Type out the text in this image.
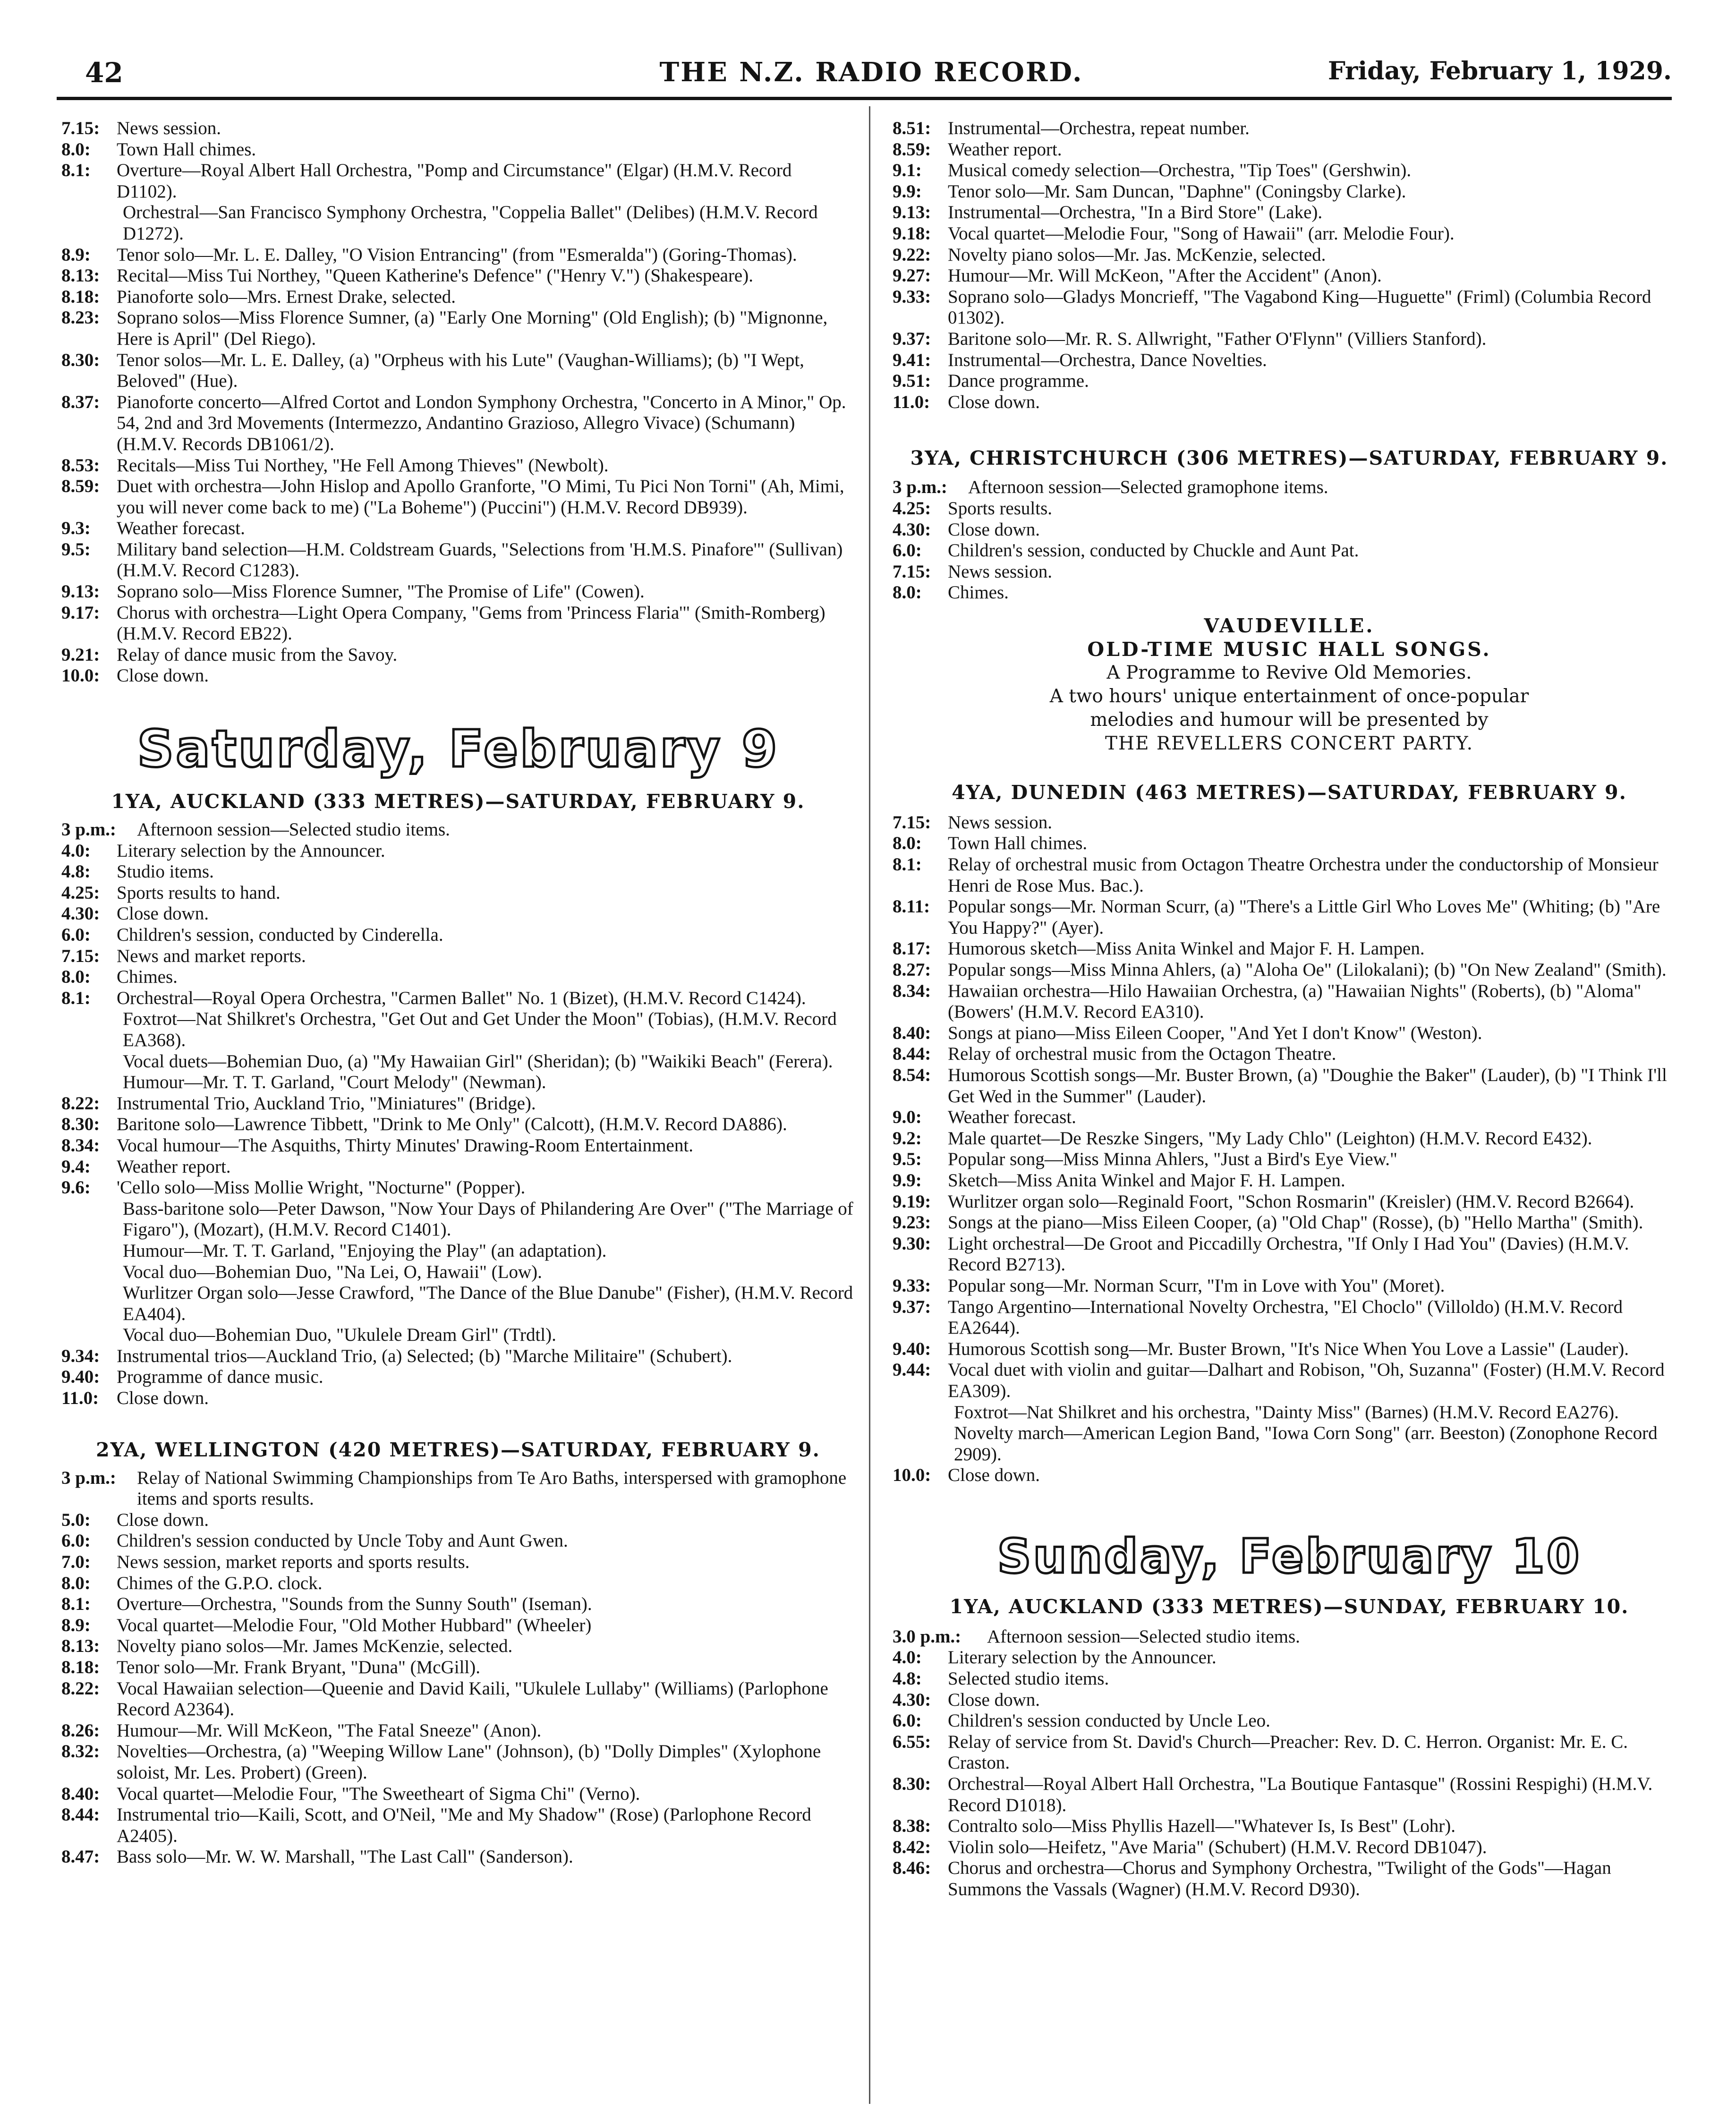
42	THE N.Z. RADIO RECORD.	Friday, February 1, 1929.
7.15: News session.
8.0:	Town Hall chimes.
8.1:	Overture—Royal Albert Hall Orchestra, "Pomp and Circumstance" (Elgar) (H.M.V. Record D1102).
Orchestral—San Francisco Symphony Orchestra, "Coppelia Ballet" (Delibes) (H.M.V. Record D1272).
8.9:	Tenor solo—Mr. L. E. Dalley, "O Vision Entrancing" (from "Esmeralda") (Goring-Thomas).
8.13: Recital—Miss Tui Northey, "Queen Katherine's Defence" ("Henry V.") (Shakespeare).
8.18: Pianoforte solo—Mrs. Ernest Drake, selected.
8.23: Soprano solos—Miss Florence Sumner, (a) "Early One Morning" (Old English); (b) "Mignonne, Here is April" (Del Riego).
8.30: Tenor solos—Mr. L. E. Dalley, (a) "Orpheus with his Lute" (Vaughan-Williams); (b) "I Wept, Beloved" (Hue).
8.37: Pianoforte concerto—Alfred Cortot and London Symphony Orchestra, "Concerto in A Minor," Op. 54, 2nd and 3rd Movements (Intermezzo, Andantino Grazioso, Allegro Vivace) (Schumann) (H.M.V. Records DB1061/2).
8.53: Recitals—Miss Tui Northey, "He Fell Among Thieves" (Newbolt).
8.59: Duet with orchestra—John Hislop and Apollo Granforte, "O Mimi, Tu Pici Non Torni" (Ah, Mimi, you will never come back to me) ("La Boheme") (Puccini") (H.M.V. Record DB939).
9.3:	Weather forecast.
9.5:	Military band selection—H.M. Coldstream Guards, "Selections from 'H.M.S. Pinafore'" (Sullivan) (H.M.V. Record C1283).
9.13: Soprano solo—Miss Florence Sumner, "The Promise of Life" (Cowen).
9.17: Chorus with orchestra—Light Opera Company, "Gems from 'Princess Flaria'" (Smith-Romberg) (H.M.V. Record EB22).
9.21: Relay of dance music from the Savoy.
10.0: Close down.
Saturday, February 9
1YA, AUCKLAND (333 METRES)—SATURDAY, FEBRUARY 9.
3 p.m.:	Afternoon session—Selected studio items.
4.0:	Literary selection by the Announcer.
4.8:	Studio items.
4.25: Sports results to hand.
4.30: Close down.
6.0:	Children's session, conducted by Cinderella.
7.15: News and market reports.
8.0:	Chimes.
8.1:	Orchestral—Royal Opera Orchestra, "Carmen Ballet" No. 1 (Bizet), (H.M.V. Record C1424).
Foxtrot—Nat Shilkret's Orchestra, "Get Out and Get Under the Moon" (Tobias), (H.M.V. Record EA368).
Vocal duets—Bohemian Duo, (a) "My Hawaiian Girl" (Sheridan); (b) "Waikiki Beach" (Ferera).
Humour—Mr. T. T. Garland, "Court Melody" (Newman).
8.22: Instrumental Trio, Auckland Trio, "Miniatures" (Bridge).
8.30: Baritone solo—Lawrence Tibbett, "Drink to Me Only" (Calcott), (H.M.V. Record DA886).
8.34: Vocal humour—The Asquiths, Thirty Minutes' Drawing-Room Entertainment.
9.4:	Weather report.
9.6:	'Cello solo—Miss Mollie Wright, "Nocturne" (Popper).
Bass-baritone solo—Peter Dawson, "Now Your Days of Philandering Are Over" ("The Marriage of Figaro"), (Mozart), (H.M.V. Record C1401).
Humour—Mr. T. T. Garland, "Enjoying the Play" (an adaptation).
Vocal duo—Bohemian Duo, "Na Lei, O, Hawaii" (Low).
Wurlitzer Organ solo—Jesse Crawford, "The Dance of the Blue Danube" (Fisher), (H.M.V. Record EA404).
Vocal duo—Bohemian Duo, "Ukulele Dream Girl" (Trdtl).
9.34: Instrumental trios—Auckland Trio, (a) Selected; (b) "Marche Militaire" (Schubert).
9.40: Programme of dance music.
11.0: Close down.
2YA, WELLINGTON (420 METRES)—SATURDAY, FEBRUARY 9.
3 p.m.:	Relay of National Swimming Championships from Te Aro Baths, interspersed with gramophone items and sports results.
5.0:	Close down.
6.0:	Children's session conducted by Uncle Toby and Aunt Gwen.
7.0:	News session, market reports and sports results.
8.0:	Chimes of the G.P.O. clock.
8.1:	Overture—Orchestra, "Sounds from the Sunny South" (Iseman).
8.9:	Vocal quartet—Melodie Four, "Old Mother Hubbard" (Wheeler)
8.13: Novelty piano solos—Mr. James McKenzie, selected.
8.18: Tenor solo—Mr. Frank Bryant, "Duna" (McGill).
8.22: Vocal Hawaiian selection—Queenie and David Kaili, "Ukulele Lullaby" (Williams) (Parlophone Record A2364).
8.26: Humour—Mr. Will McKeon, "The Fatal Sneeze" (Anon).
8.32: Novelties—Orchestra, (a) "Weeping Willow Lane" (Johnson), (b) "Dolly Dimples" (Xylophone soloist, Mr. Les. Probert) (Green).
8.40: Vocal quartet—Melodie Four, "The Sweetheart of Sigma Chi" (Verno).
8.44: Instrumental trio—Kaili, Scott, and O'Neil, "Me and My Shadow" (Rose) (Parlophone Record A2405).
8.47: Bass solo—Mr. W. W. Marshall, "The Last Call" (Sanderson).
8.51: Instrumental—Orchestra, repeat number.
8.59: Weather report.
9.1:	Musical comedy selection—Orchestra, "Tip Toes" (Gershwin).
9.9:	Tenor solo—Mr. Sam Duncan, "Daphne" (Coningsby Clarke).
9.13: Instrumental—Orchestra, "In a Bird Store" (Lake).
9.18: Vocal quartet—Melodie Four, "Song of Hawaii" (arr. Melodie Four).
9.22: Novelty piano solos—Mr. Jas. McKenzie, selected.
9.27: Humour—Mr. Will McKeon, "After the Accident" (Anon).
9.33: Soprano solo—Gladys Moncrieff, "The Vagabond King—Huguette" (Friml) (Columbia Record 01302).
9.37: Baritone solo—Mr. R. S. Allwright, "Father O'Flynn" (Villiers Stanford).
9.41: Instrumental—Orchestra, Dance Novelties.
9.51: Dance programme.
11.0: Close down.
3YA, CHRISTCHURCH (306 METRES)—SATURDAY, FEBRUARY 9.
3 p.m.:	Afternoon session—Selected gramophone items.
4.25: Sports results.
4.30: Close down.
6.0:	Children's session, conducted by Chuckle and Aunt Pat.
7.15: News session.
8.0:	Chimes.
VAUDEVILLE.
OLD-TIME MUSIC HALL SONGS.
A Programme to Revive Old Memories.
A two hours' unique entertainment of once-popular
melodies and humour will be presented by
THE REVELLERS CONCERT PARTY.
4YA, DUNEDIN (463 METRES)—SATURDAY, FEBRUARY 9.
7.15: News session.
8.0:	Town Hall chimes.
8.1:	Relay of orchestral music from Octagon Theatre Orchestra under the conductorship of Monsieur Henri de Rose Mus. Bac.).
8.11: Popular songs—Mr. Norman Scurr, (a) "There's a Little Girl Who Loves Me" (Whiting; (b) "Are You Happy?" (Ayer).
8.17: Humorous sketch—Miss Anita Winkel and Major F. H. Lampen.
8.27: Popular songs—Miss Minna Ahlers, (a) "Aloha Oe" (Lilokalani); (b) "On New Zealand" (Smith).
8.34: Hawaiian orchestra—Hilo Hawaiian Orchestra, (a) "Hawaiian Nights" (Roberts), (b) "Aloma" (Bowers' (H.M.V. Record EA310).
8.40: Songs at piano—Miss Eileen Cooper, "And Yet I don't Know" (Weston).
8.44: Relay of orchestral music from the Octagon Theatre.
8.54: Humorous Scottish songs—Mr. Buster Brown, (a) "Doughie the Baker" (Lauder), (b) "I Think I'll Get Wed in the Summer" (Lauder).
9.0:	Weather forecast.
9.2:	Male quartet—De Reszke Singers, "My Lady Chlo" (Leighton) (H.M.V. Record E432).
9.5:	Popular song—Miss Minna Ahlers, "Just a Bird's Eye View."
9.9:	Sketch—Miss Anita Winkel and Major F. H. Lampen.
9.19: Wurlitzer organ solo—Reginald Foort, "Schon Rosmarin" (Kreisler) (HM.V. Record B2664).
9.23: Songs at the piano—Miss Eileen Cooper, (a) "Old Chap" (Rosse), (b) "Hello Martha" (Smith).
9.30: Light orchestral—De Groot and Piccadilly Orchestra, "If Only I Had You" (Davies) (H.M.V. Record B2713).
9.33: Popular song—Mr. Norman Scurr, "I'm in Love with You" (Moret).
9.37: Tango Argentino—International Novelty Orchestra, "El Choclo" (Villoldo) (H.M.V. Record EA2644).
9.40: Humorous Scottish song—Mr. Buster Brown, "It's Nice When You Love a Lassie" (Lauder).
9.44: Vocal duet with violin and guitar—Dalhart and Robison, "Oh, Suzanna" (Foster) (H.M.V. Record EA309).
Foxtrot—Nat Shilkret and his orchestra, "Dainty Miss" (Barnes) (H.M.V. Record EA276).
Novelty march—American Legion Band, "Iowa Corn Song" (arr. Beeston) (Zonophone Record 2909).
10.0: Close down.
Sunday, February 10
1YA, AUCKLAND (333 METRES)—SUNDAY, FEBRUARY 10.
3.0 p.m.:	Afternoon session—Selected studio items.
4.0:	Literary selection by the Announcer.
4.8:	Selected studio items.
4.30: Close down.
6.0:	Children's session conducted by Uncle Leo.
6.55: Relay of service from St. David's Church—Preacher: Rev. D. C. Herron. Organist: Mr. E. C. Craston.
8.30: Orchestral—Royal Albert Hall Orchestra, "La Boutique Fantasque" (Rossini Respighi) (H.M.V. Record D1018).
8.38: Contralto solo—Miss Phyllis Hazell—"Whatever Is, Is Best" (Lohr).
8.42: Violin solo—Heifetz, "Ave Maria" (Schubert) (H.M.V. Record DB1047).
8.46: Chorus and orchestra—Chorus and Symphony Orchestra, "Twilight of the Gods"—Hagan Summons the Vassals (Wagner) (H.M.V. Record D930).
